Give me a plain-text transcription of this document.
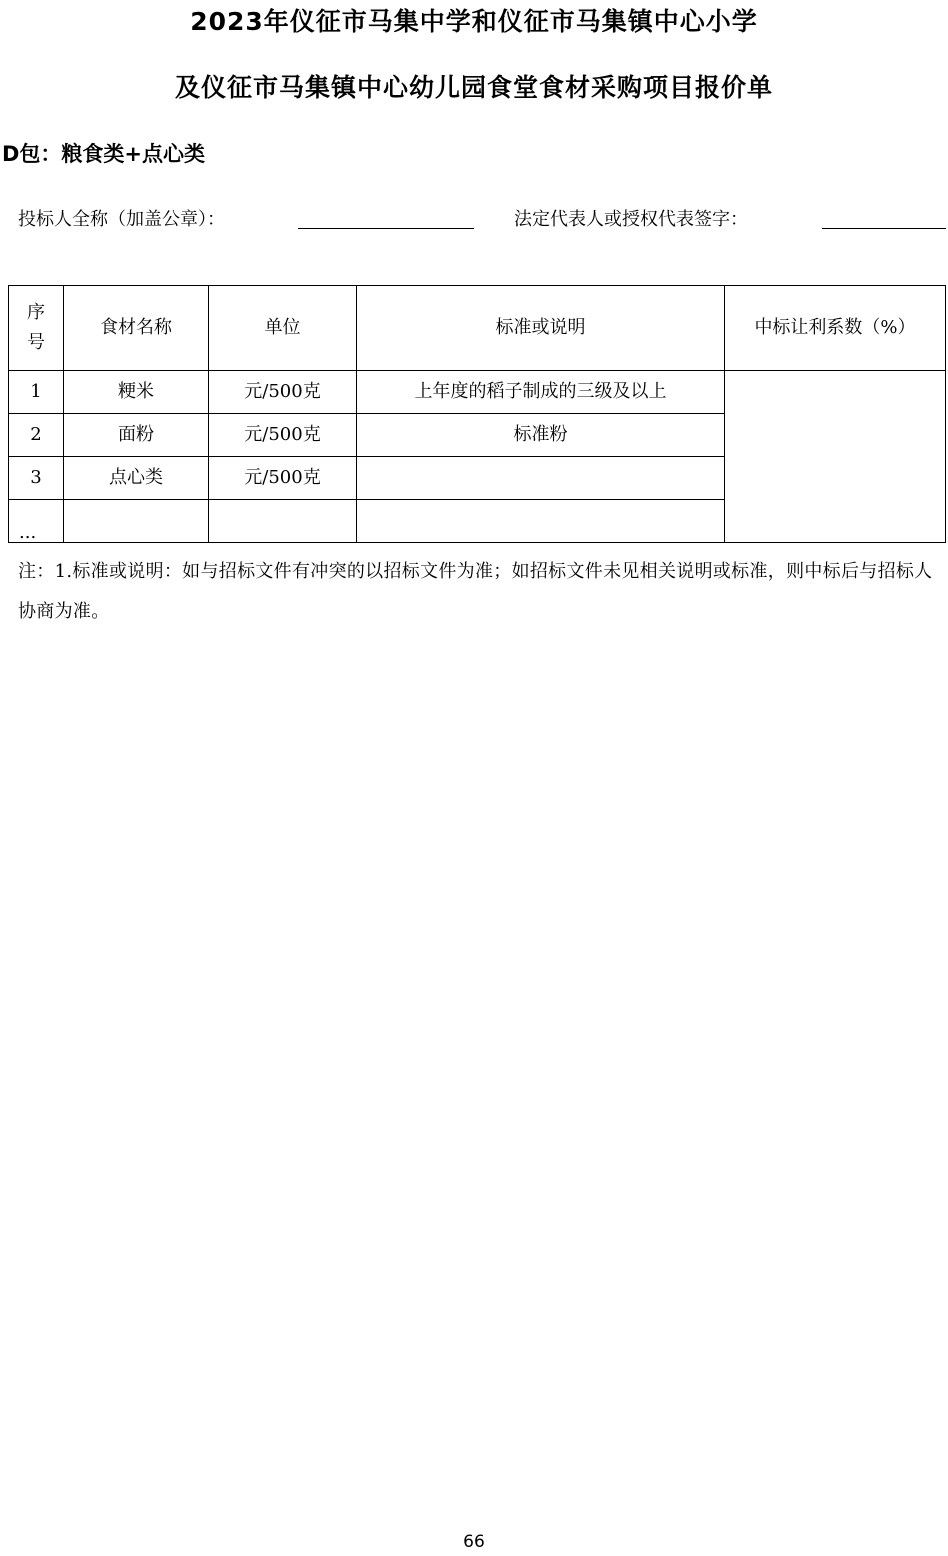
2023年仪征市马集中学和仪征市马集镇中心小学
及仪征市马集镇中心幼儿园食堂食材采购项目报价单
D包：粮食类+点心类
投标人全称（加盖公章）：	法定代表人或授权代表签字：
序
号	食材名称	单位	标准或说明	中标让利系数（%）
1	粳米	元/500克	上年度的稻子制成的三级及以上	
2	面粉	元/500克	标准粉	
3	点心类	元/500克		
...				
注：1.标准或说明：如与招标文件有冲突的以招标文件为准；如招标文件未见相关说明或标准，则中标后与招标人协商为准。
66
